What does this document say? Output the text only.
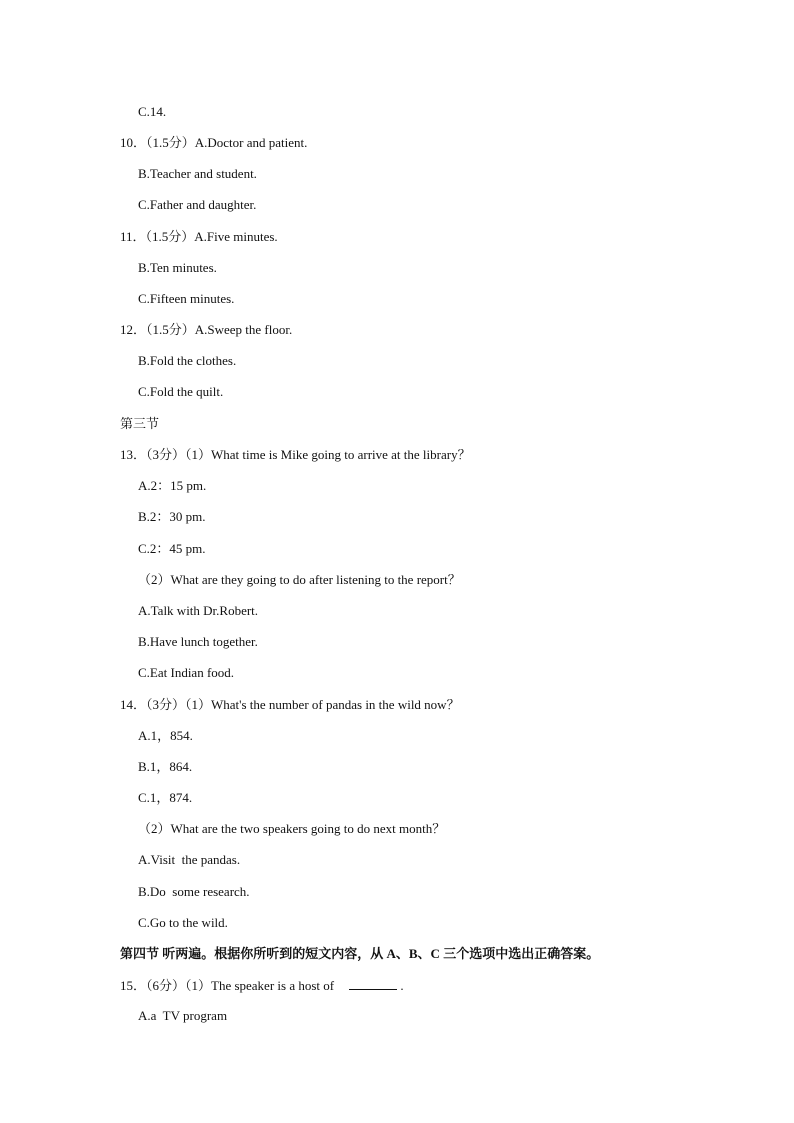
C.14.
10．（1.5分）A.Doctor and patient.
B.Teacher and student.
C.Father and daughter.
11．（1.5分）A.Five minutes.
B.Ten minutes.
C.Fifteen minutes.
12．（1.5分）A.Sweep the floor.
B.Fold the clothes.
C.Fold the quilt.
第三节
13．（3分）（1）What time is Mike going to arrive at the library？
A.2：15 pm.
B.2：30 pm.
C.2：45 pm.
（2）What are they going to do after listening to the report？
A.Talk with Dr.Robert.
B.Have lunch together.
C.Eat Indian food.
14．（3分）（1）What's the number of pandas in the wild now？
A.1，854.
B.1，864.
C.1，874.
（2）What are the two speakers going to do next month？
A.Visit  the pandas.
B.Do  some research.
C.Go to the wild.
第四节 听两遍。根据你所听到的短文内容，从 A、B、C 三个选项中选出正确答案。
15．（6分）（1）The speaker is a host of	.
A.a  TV program
